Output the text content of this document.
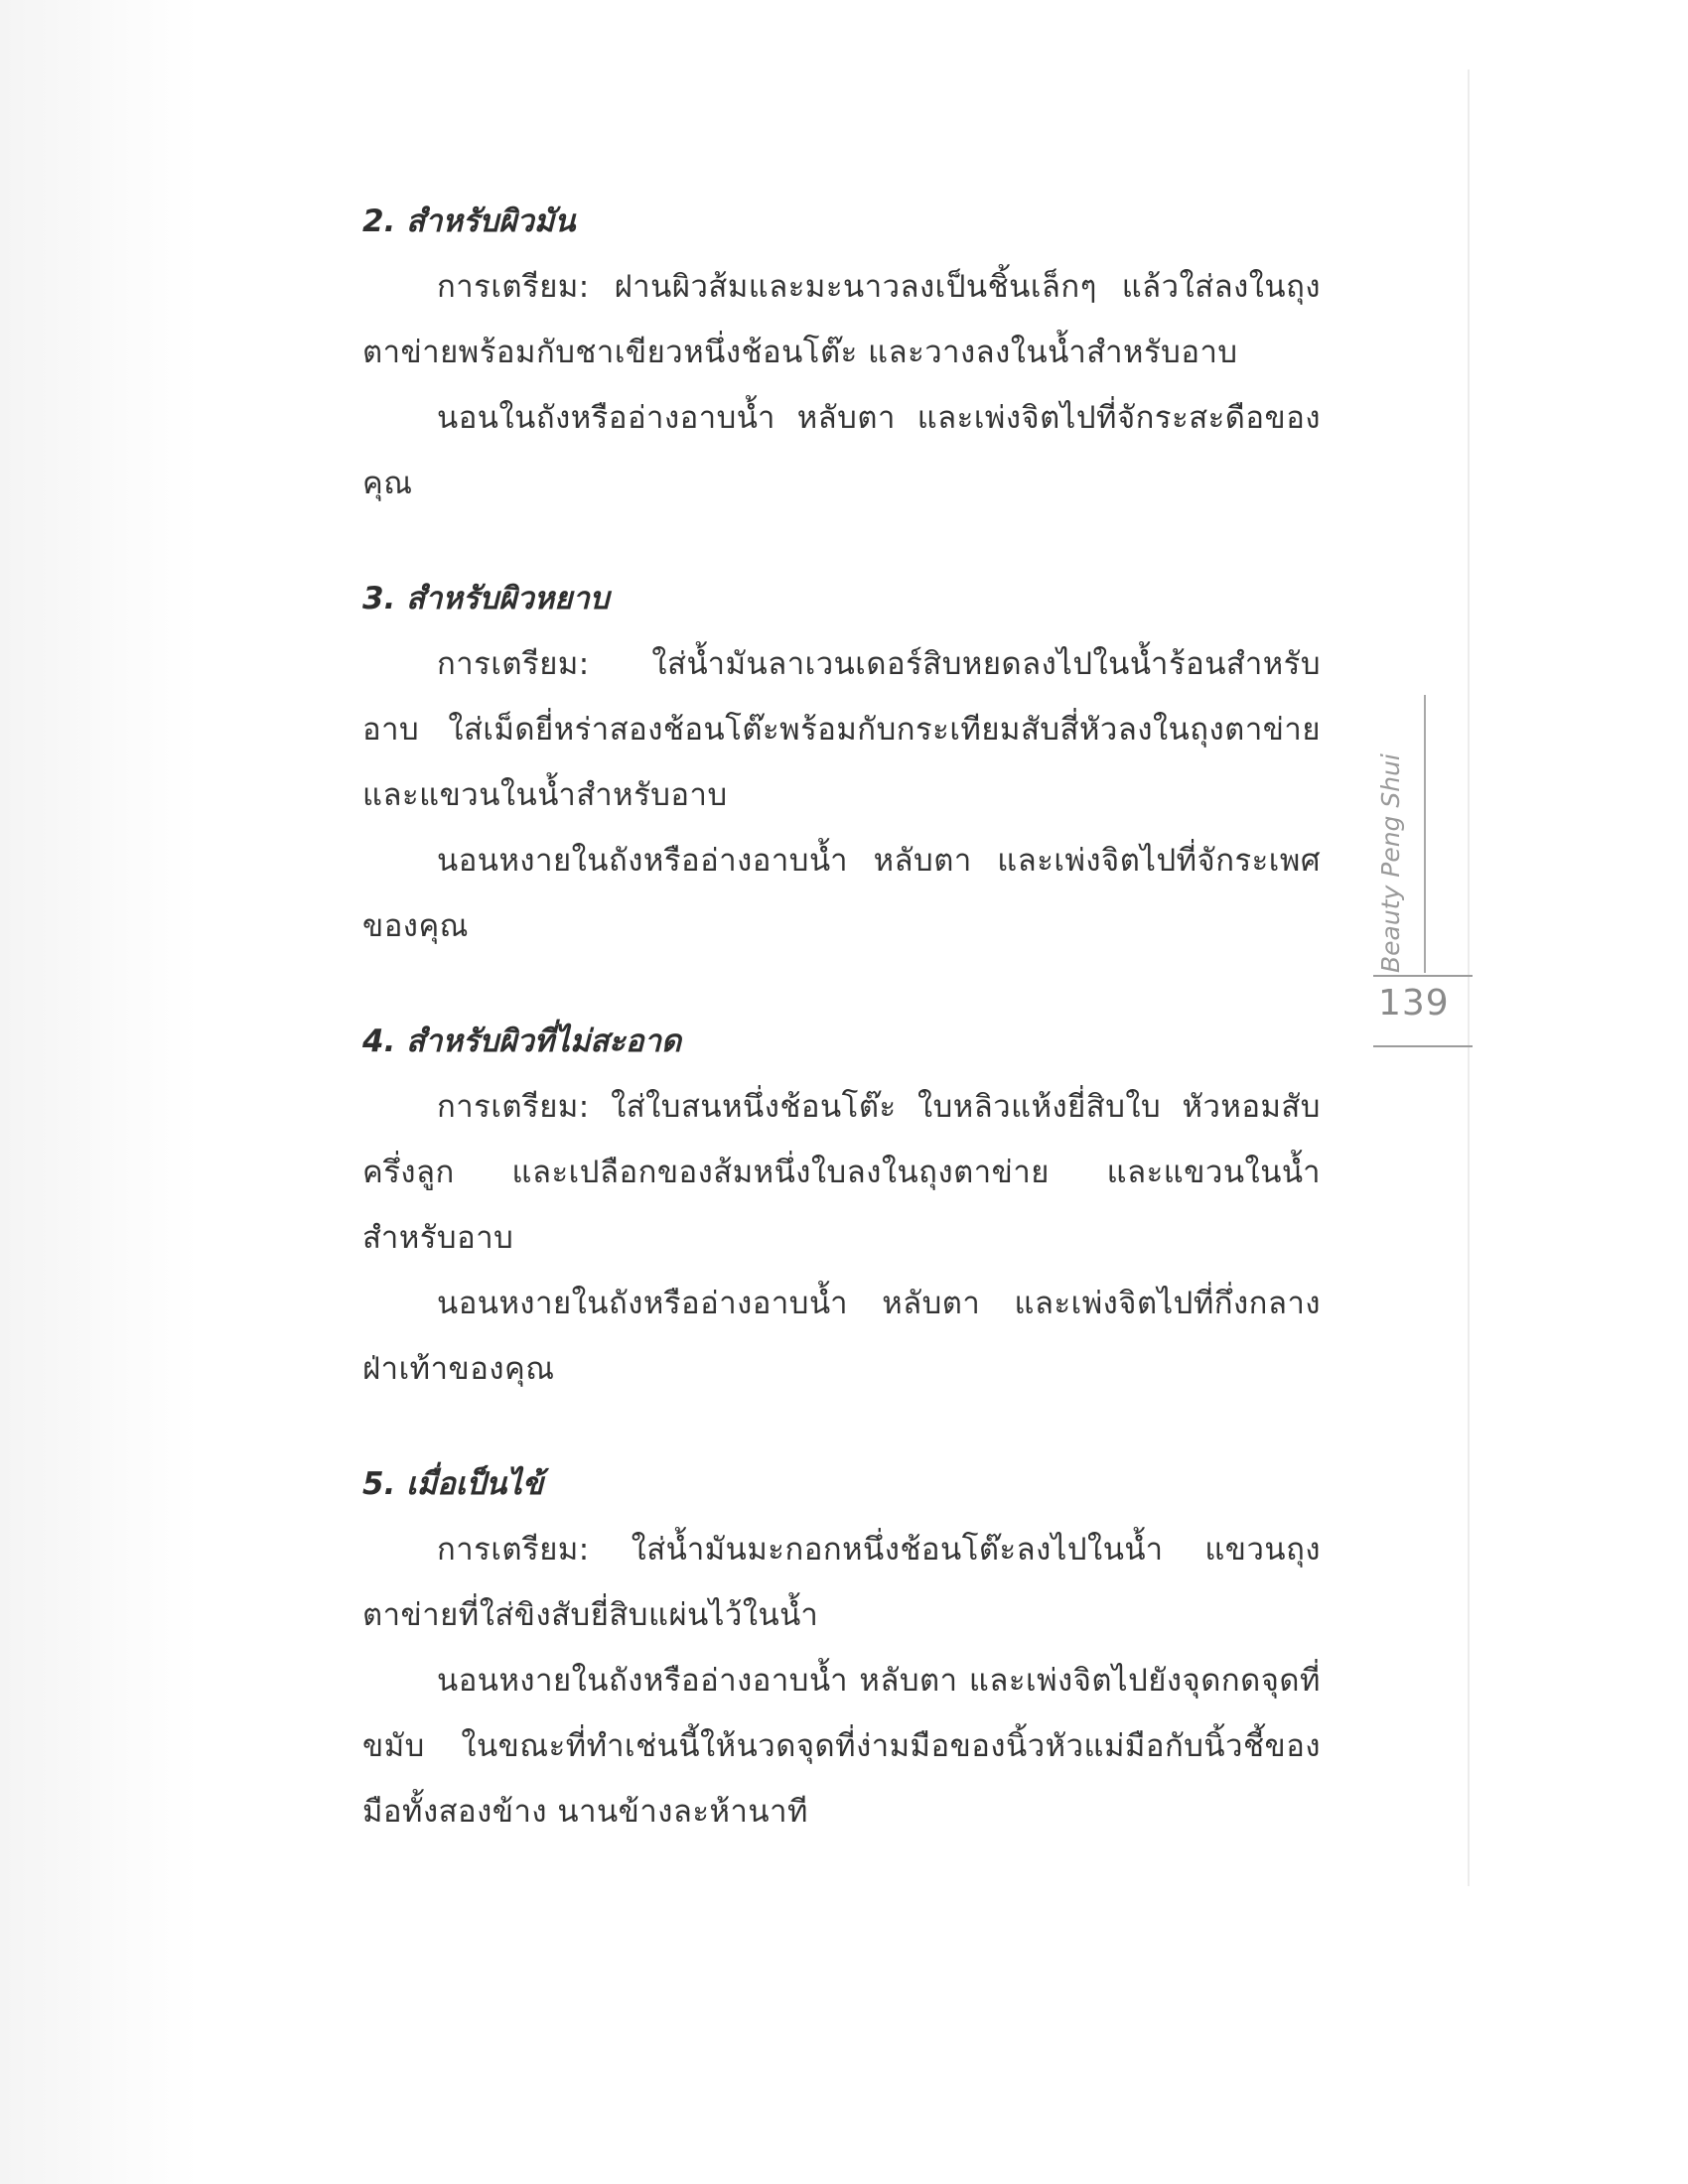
2. สำหรับผิวมัน

การเตรียม: ฝานผิวส้มและมะนาวลงเป็นชิ้นเล็กๆ แล้วใส่ลงในถุงตาข่ายพร้อมกับชาเขียวหนึ่งช้อนโต๊ะ และวางลงในน้ำสำหรับอาบ

นอนในถังหรืออ่างอาบน้ำ หลับตา และเพ่งจิตไปที่จักระสะดือของคุณ

3. สำหรับผิวหยาบ

การเตรียม: ใส่น้ำมันลาเวนเดอร์สิบหยดลงไปในน้ำร้อนสำหรับอาบ ใส่เม็ดยี่หร่าสองช้อนโต๊ะพร้อมกับกระเทียมสับสี่หัวลงในถุงตาข่าย และแขวนในน้ำสำหรับอาบ

นอนหงายในถังหรืออ่างอาบน้ำ หลับตา และเพ่งจิตไปที่จักระเพศของคุณ

4. สำหรับผิวที่ไม่สะอาด

การเตรียม: ใส่ใบสนหนึ่งช้อนโต๊ะ ใบหลิวแห้งยี่สิบใบ หัวหอมสับครึ่งลูก และเปลือกของส้มหนึ่งใบลงในถุงตาข่าย และแขวนในน้ำสำหรับอาบ

นอนหงายในถังหรืออ่างอาบน้ำ หลับตา และเพ่งจิตไปที่กึ่งกลางฝ่าเท้าของคุณ

5. เมื่อเป็นไข้

การเตรียม: ใส่น้ำมันมะกอกหนึ่งช้อนโต๊ะลงไปในน้ำ แขวนถุงตาข่ายที่ใส่ขิงสับยี่สิบแผ่นไว้ในน้ำ

นอนหงายในถังหรืออ่างอาบน้ำ หลับตา และเพ่งจิตไปยังจุดกดจุดที่ขมับ ในขณะที่ทำเช่นนี้ให้นวดจุดที่ง่ามมือของนิ้วหัวแม่มือกับนิ้วชี้ของมือทั้งสองข้าง นานข้างละห้านาที

Beauty Peng Shui
139
